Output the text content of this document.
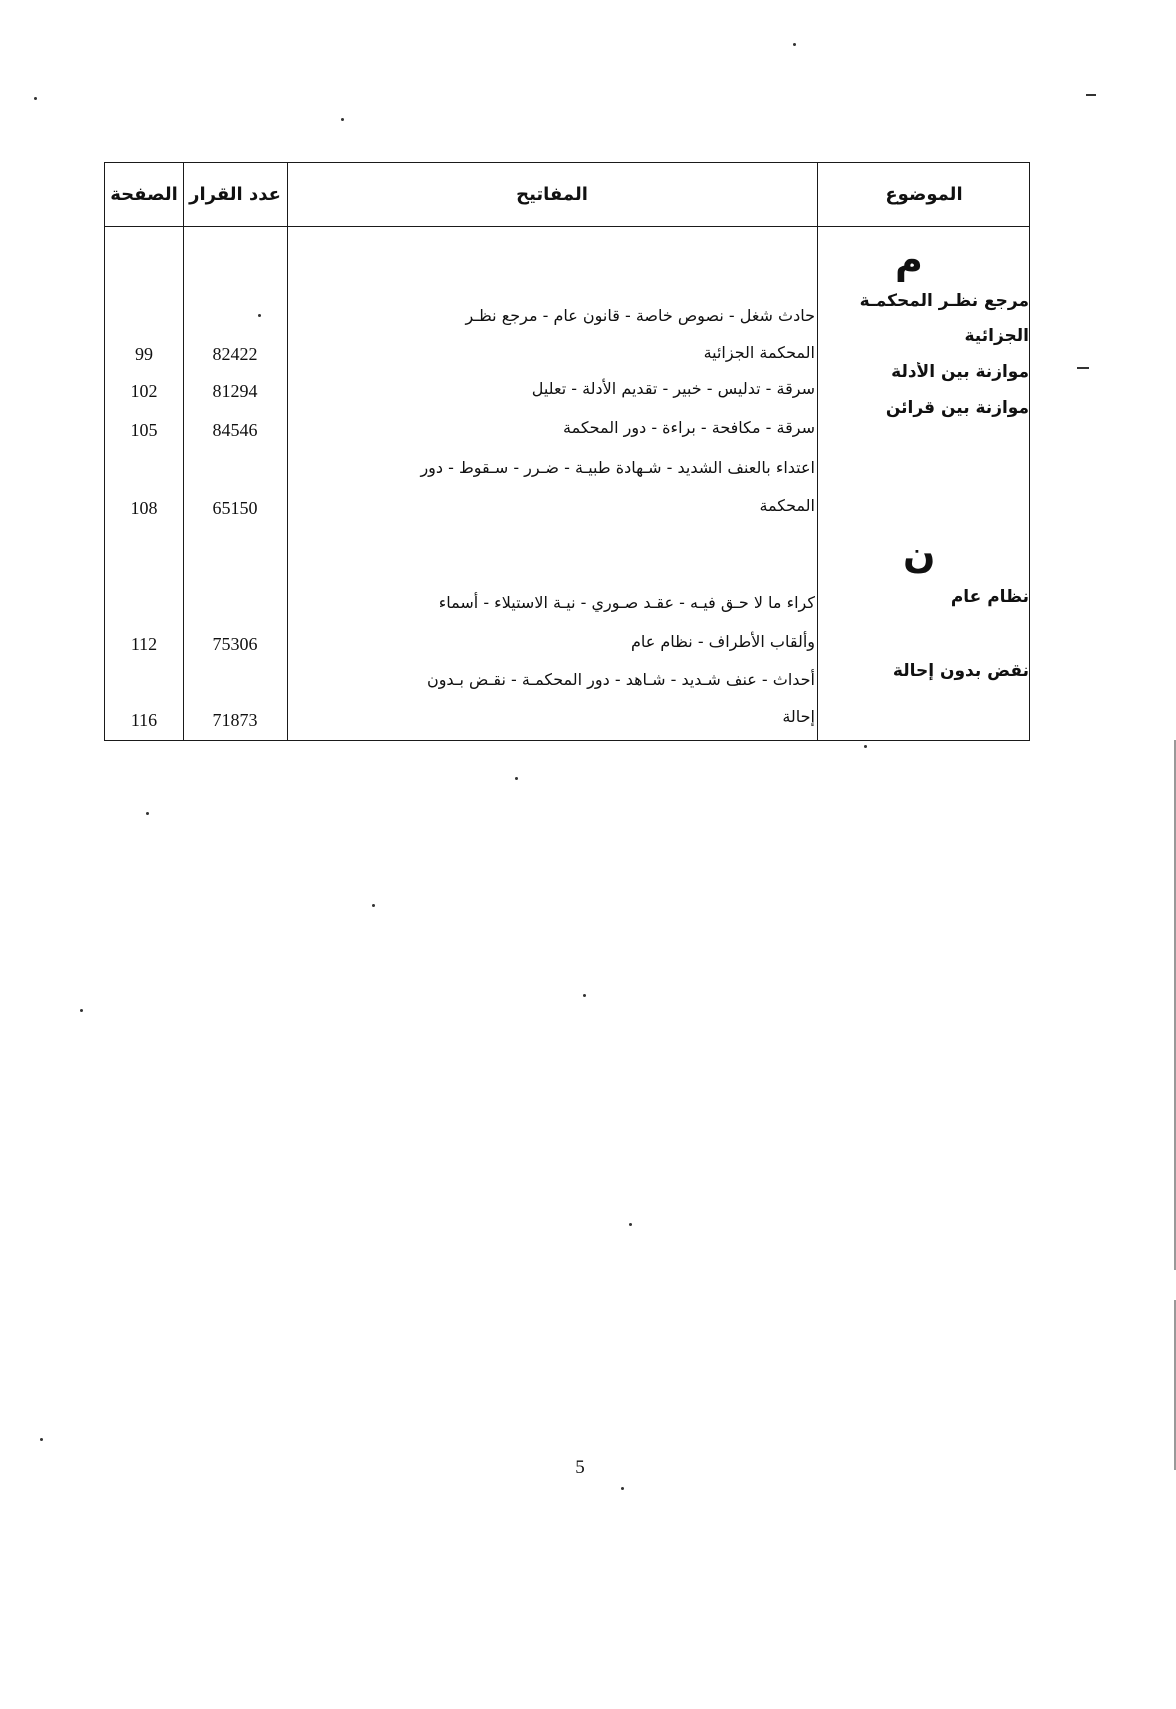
الصفحة عدد القرار	المفاتيح	الموضوع
م
مرجع نظـر المحكمـة
الجزائية
موازنة بين الأدلة
موازنة بين قرائن
حادث شغل - نصوص خاصة - قانون عام - مرجع نظـر
المحكمة الجزائية
82422
99
سرقة - تدليس - خبير - تقديم الأدلة - تعليل
81294
102
سرقة - مكافحة - براءة - دور المحكمة
84546
105
اعتداء بالعنف الشديد - شـهادة طبيـة - ضـرر - سـقوط - دور
المحكمة
65150
108
ن
نظام عام
نقض بدون إحالة
كراء ما لا حـق فيـه - عقـد صـوري - نيـة الاستيلاء - أسماء
وألقاب الأطراف - نظام عام
75306
112
أحداث - عنف شـديد - شـاهد - دور المحكمـة - نقـض بـدون
إحالة
71873
116
5
